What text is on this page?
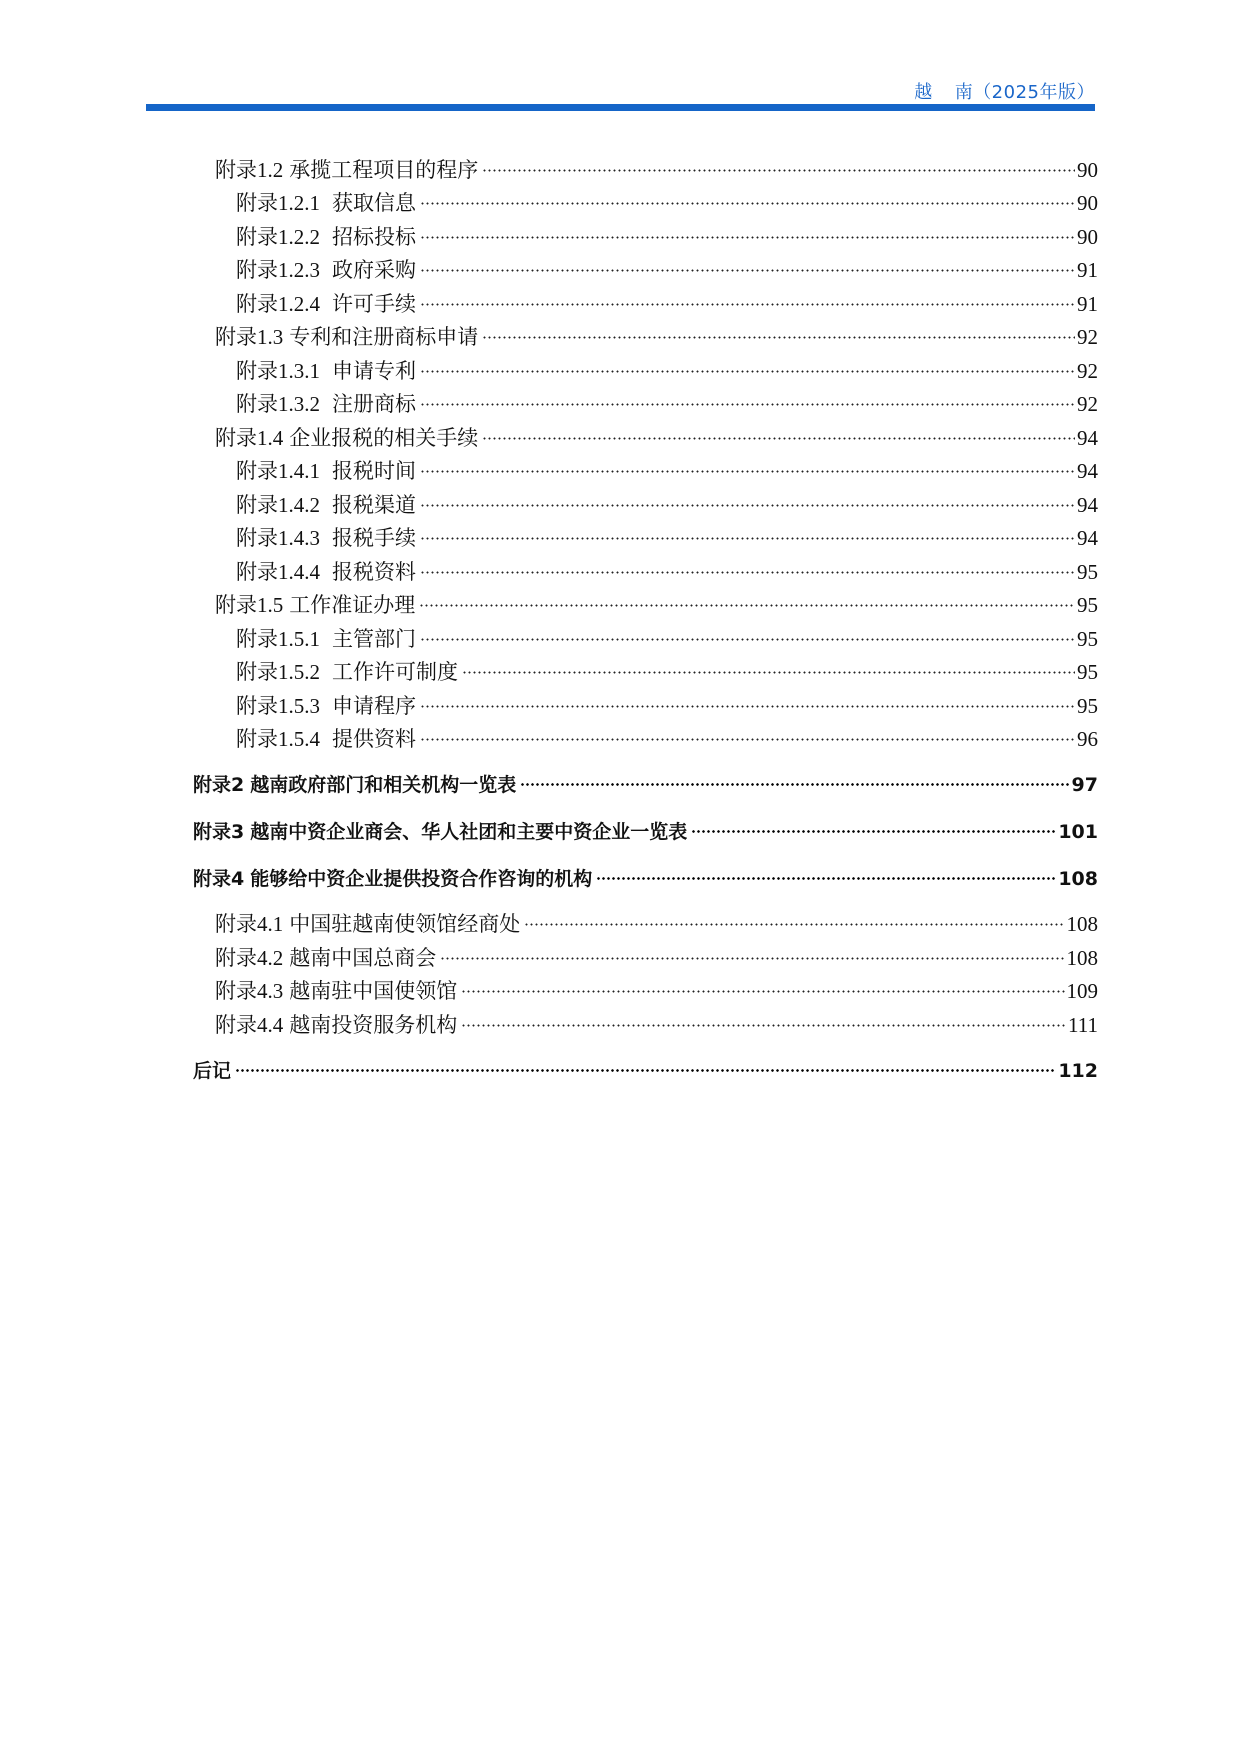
越 南（2025年版）
附录1.2 承揽工程项目的程序	90
附录1.2.1 获取信息	90
附录1.2.2 招标投标	90
附录1.2.3 政府采购	91
附录1.2.4 许可手续	91
附录1.3 专利和注册商标申请	92
附录1.3.1 申请专利	92
附录1.3.2 注册商标	92
附录1.4 企业报税的相关手续	94
附录1.4.1 报税时间	94
附录1.4.2 报税渠道	94
附录1.4.3 报税手续	94
附录1.4.4 报税资料	95
附录1.5 工作准证办理	95
附录1.5.1 主管部门	95
附录1.5.2 工作许可制度	95
附录1.5.3 申请程序	95
附录1.5.4 提供资料	96
附录2 越南政府部门和相关机构一览表	97
附录3 越南中资企业商会、华人社团和主要中资企业一览表	101
附录4 能够给中资企业提供投资合作咨询的机构	108
附录4.1 中国驻越南使领馆经商处	108
附录4.2 越南中国总商会	108
附录4.3 越南驻中国使领馆	109
附录4.4 越南投资服务机构	111
后记	112
